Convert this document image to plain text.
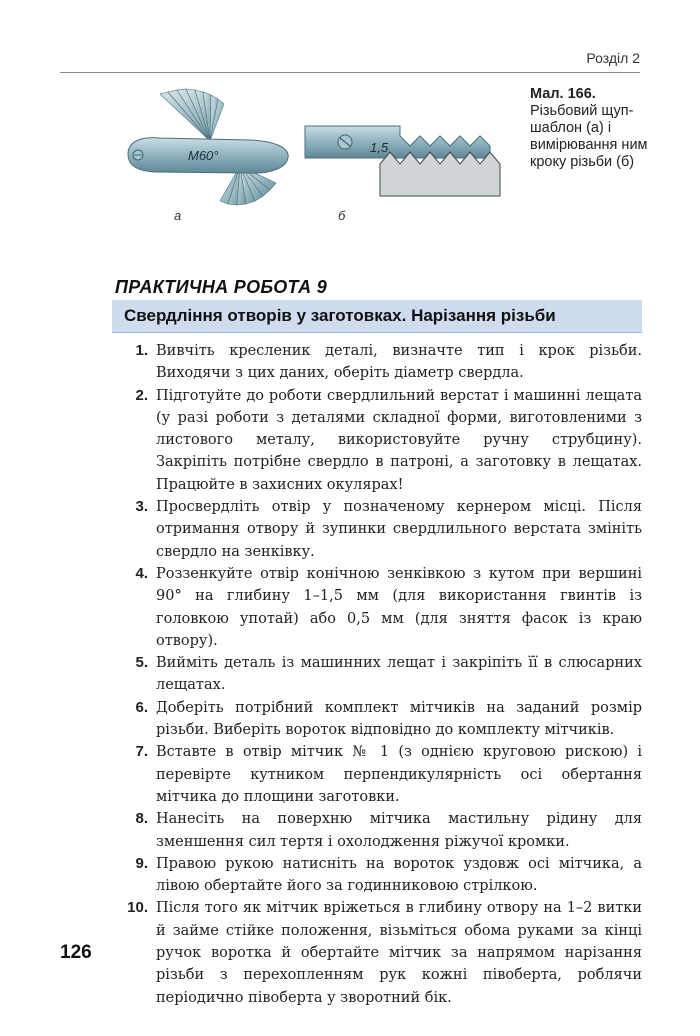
Розділ 2
M60°
а
1,5
б
Мал. 166.
Різьбовий щуп-шаблон (а) і вимірювання ним кроку різьби (б)
ПРАКТИЧНА РОБОТА 9
Свердління отворів у заготовках. Нарізання різьби
1. Вивчіть кресленик деталі, визначте тип і крок різьби. Виходячи з цих даних, оберіть діаметр свердла.
2. Підготуйте до роботи свердлильний верстат і машинні лещата (у разі роботи з деталями складної форми, виготовленими з листового металу, використовуйте ручну струбцину). Закріпіть потрібне свердло в патроні, а заготовку в лещатах. Працюйте в захисних окулярах!
3. Просвердліть отвір у позначеному кернером місці. Після отримання отвору й зупинки свердлильного верстата змініть свердло на зенківку.
4. Роззенкуйте отвір конічною зенківкою з кутом при вершині 90° на глибину 1–1,5 мм (для використання гвинтів із головкою употай) або 0,5 мм (для зняття фасок із краю отвору).
5. Вийміть деталь із машинних лещат і закріпіть її в слюсарних лещатах.
6. Доберіть потрібний комплект мітчиків на заданий розмір різьби. Виберіть вороток відповідно до комплекту мітчиків.
7. Вставте в отвір мітчик № 1 (з однією круговою рискою) і перевірте кутником перпендикулярність осі обертання мітчика до площини заготовки.
8. Нанесіть на поверхню мітчика мастильну рідину для зменшення сил тертя і охолодження ріжучої кромки.
9. Правою рукою натисніть на вороток уздовж осі мітчика, а лівою обертайте його за годинниковою стрілкою.
10. Після того як мітчик вріжеться в глибину отвору на 1–2 витки й займе стійке положення, візьміться обома руками за кінці ручок воротка й обертайте мітчик за напрямом нарізання різьби з перехопленням рук кожні півоберта, роблячи періодично півоберта у зворотний бік.
126
